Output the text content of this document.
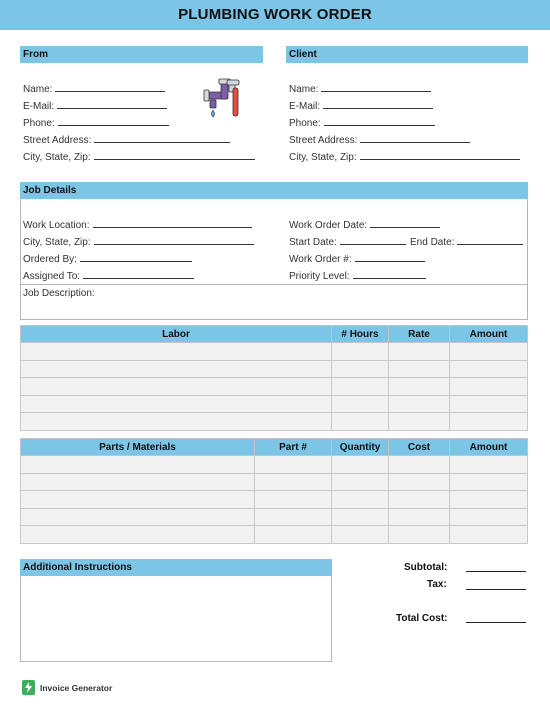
PLUMBING WORK ORDER
From
Name:
E-Mail:
Phone:
Street Address:
City, State, Zip:
Client
Name:
E-Mail:
Phone:
Street Address:
City, State, Zip:
Job Details
Work Location:
City, State, Zip:
Ordered By:
Assigned To:
Work Order Date:
Start Date:	End Date:
Work Order #:
Priority Level:
Job Description:
Labor	# Hours	Rate	Amount

Parts / Materials	Part #	Quantity	Cost	Amount

Additional Instructions	Subtotal:
Tax:
Total Cost:
Invoice Generator
